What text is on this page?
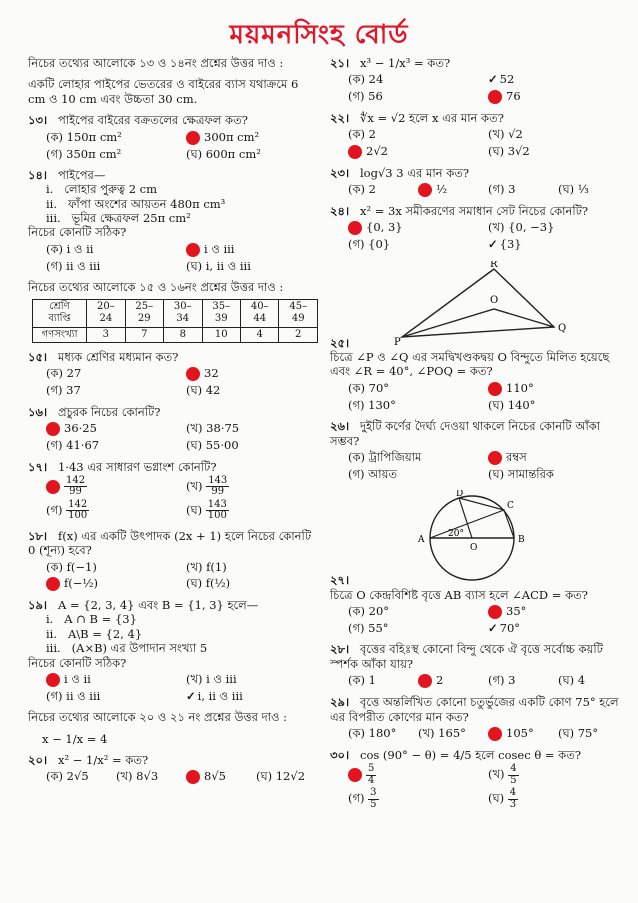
ময়মনসিংহ বোর্ড
নিচের তথ্যের আলোকে ১৩ ও ১৪নং প্রশ্নের উত্তর দাও :
একটি লোহার পাইপের ভেতরের ও বাইরের ব্যাস যথাক্রমে 6 cm ও 10 cm এবং উচ্চতা 30 cm.
১৩। পাইপের বাইরের বক্রতলের ক্ষেত্রফল কত?
(ক) 150π cm²	300π cm²
(গ) 350π cm²	(ঘ) 600π cm²
১৪। পাইপের—
i.   লোহার পুরুত্ব 2 cm
ii.   ফাঁপা অংশের আয়তন 480π cm³
iii.   ভূমির ক্ষেত্রফল 25π cm²
নিচের কোনটি সঠিক?
(ক) i ও ii	i ও iii
(গ) ii ও iii	(ঘ) i, ii ও iii
নিচের তথ্যের আলোকে ১৫ ও ১৬নং প্রশ্নের উত্তর দাও :
শ্রেণি ব্যাপ্তি	20–24	25–29	30–34	35–39	40–44	45–49
গণসংখ্যা	3	7	8	10	4	2
১৫। মধ্যক শ্রেণির মধ্যমান কত?
(ক) 27	32
(গ) 37	(ঘ) 42
১৬। প্রচুরক নিচের কোনটি?
36·25	(খ) 38·75
(গ) 41·67	(ঘ) 55·00
১৭। 1·43 এর সাধারণ ভগ্নাংশ কোনটি?
$\frac{142}{99}$	(খ) $\frac{143}{99}$
(গ) $\frac{142}{100}$	(ঘ) $\frac{143}{100}$
১৮। f(x) এর একটি উৎপাদক (2x + 1) হলে নিচের কোনটি 0 (শূন্য) হবে?
(ক) f(−1)	(খ) f(1)
f(−½)	(ঘ) f(½)
১৯। A = {2, 3, 4} এবং B = {1, 3} হলে—
i.   A ∩ B = {3}
ii.   A\B = {2, 4}
iii.   (A×B) এর উপাদান সংখ্যা 5
নিচের কোনটি সঠিক?
i ও ii	(খ) i ও iii
(গ) ii ও iii	✓ i, ii ও iii
নিচের তথ্যের আলোকে ২০ ও ২১ নং প্রশ্নের উত্তর দাও :
x − 1/x = 4
২০। x² − 1/x² = কত?
(ক) 2√5	(খ) 8√3	8√5	(ঘ) 12√2
২১। x³ − 1/x³ = কত?
(ক) 24	✓ 52
(গ) 56	76
২২। ∜x = √2 হলে x এর মান কত?
(ক) 2	(খ) √2
2√2	(ঘ) 3√2
২৩। log√3 3 এর মান কত?
(ক) 2	½	(গ) 3	(ঘ) ⅓
২৪। x² = 3x সমীকরণের সমাধান সেট নিচের কোনটি?
{0, 3}	(খ) {0, −3}
(গ) {0}	✓ {3}
২৫।
R
O
P
Q
চিত্রে ∠P ও ∠Q এর সমদ্বিখণ্ডকদ্বয় O বিন্দুতে মিলিত হয়েছে এবং ∠R = 40°, ∠POQ = কত?
(ক) 70°	110°
(গ) 130°	(ঘ) 140°
২৬। দুইটি কর্ণের দৈর্ঘ্য দেওয়া থাকলে নিচের কোনটি আঁকা সম্ভব?
(ক) ট্রাপিজিয়াম	রম্বস
(গ) আয়ত	(ঘ) সামান্তরিক
২৭।
D
C
A	B
O
20°
চিত্রে O কেন্দ্রবিশিষ্ট বৃত্তে AB ব্যাস হলে ∠ACD = কত?
(ক) 20°	35°
(গ) 55°	✓ 70°
২৮। বৃত্তের বহিঃস্থ কোনো বিন্দু থেকে ঐ বৃত্তে সর্বোচ্চ কয়টি স্পর্শক আঁকা যায়?
(ক) 1	2	(গ) 3	(ঘ) 4
২৯। বৃত্তে অন্তর্লিখিত কোনো চতুর্ভুজের একটি কোণ 75° হলে এর বিপরীত কোণের মান কত?
(ক) 180°	(খ) 165°	105°	(ঘ) 75°
৩০। cos (90° − θ) = 4/5 হলে cosec θ = কত?
$\frac{5}{4}$	(খ) $\frac{4}{5}$
(গ) $\frac{3}{5}$	(ঘ) $\frac{4}{3}$
